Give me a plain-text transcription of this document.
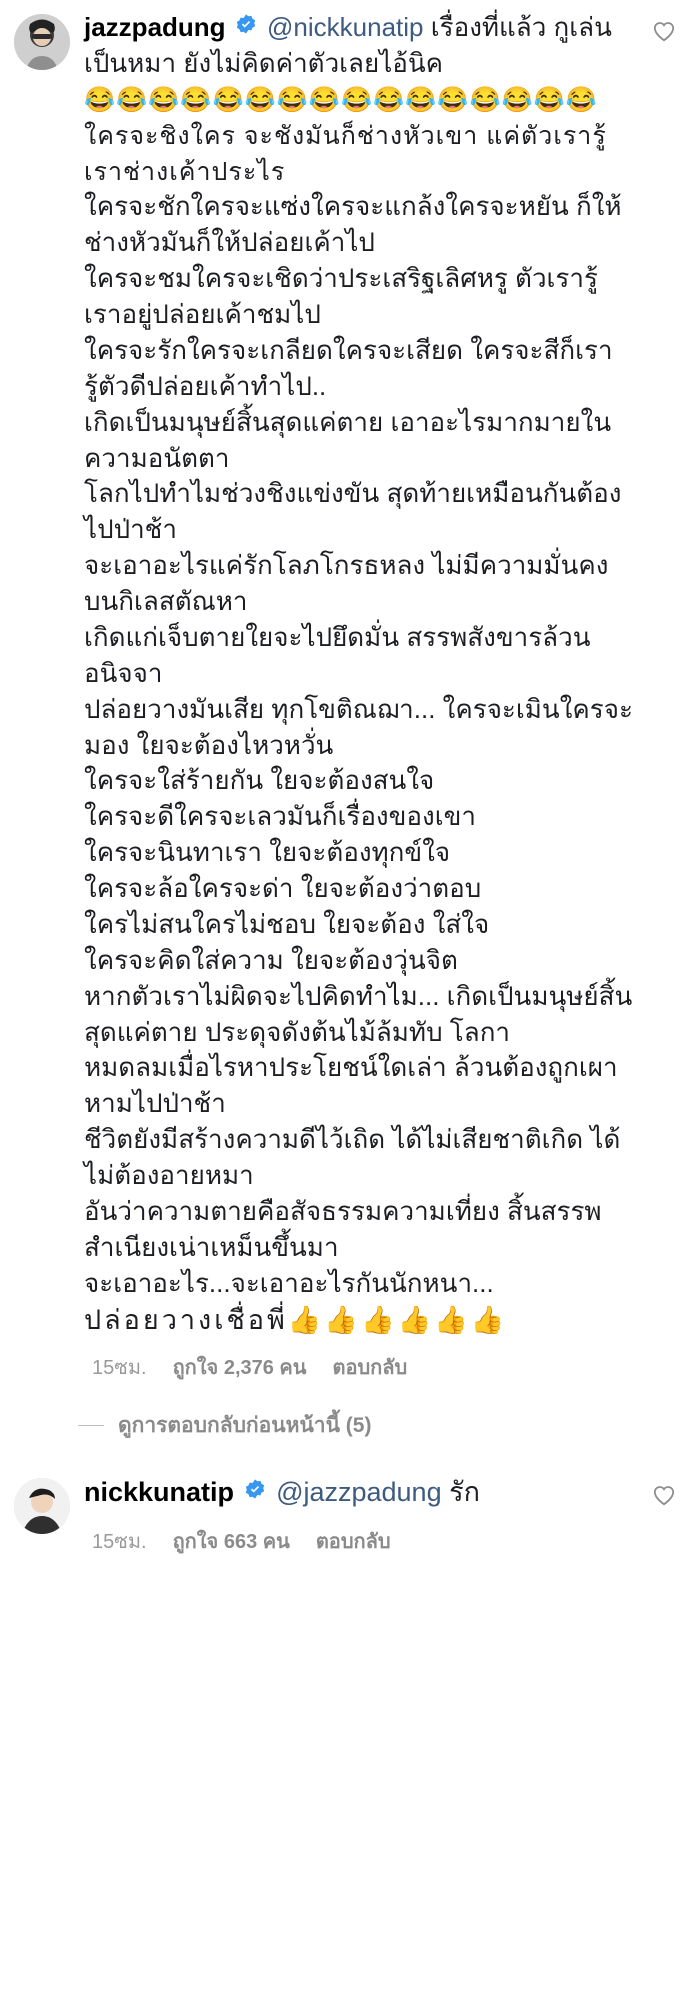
jazzpadung @nickkunatip เรื่องที่แล้ว กูเล่นเป็นหมา ยังไม่คิดค่าตัวเลยไอ้นิค
😂😂😂😂😂😂😂😂😂😂😂😂😂😂😂😂 ใครจะชิงใคร จะชังมันก็ช่างหัวเขา แค่ตัวเรารู้เราช่างเค้าประไร
ใครจะชักใครจะแซ่งใครจะแกล้งใครจะหยัน ก็ให้ช่างหัวมันก็ให้ปล่อยเค้าไป
ใครจะชมใครจะเชิดว่าประเสริฐเลิศหรู ตัวเรารู้เราอยู่ปล่อยเค้าชมไป
ใครจะรักใครจะเกลียดใครจะเสียด ใครจะสีก็เรารู้ตัวดีปล่อยเค้าทำไป..
เกิดเป็นมนุษย์สิ้นสุดแค่ตาย เอาอะไรมากมายในความอนัตตา
โลกไปทำไมช่วงชิงแข่งขัน สุดท้ายเหมือนกันต้องไปป่าช้า
จะเอาอะไรแค่รักโลภโกรธหลง ไม่มีความมั่นคงบนกิเลสตัณหา
เกิดแก่เจ็บตายใยจะไปยึดมั่น สรรพสังขารล้วนอนิจจา
ปล่อยวางมันเสีย ทุกโขติณฌา... ใครจะเมินใครจะมอง ใยจะต้องไหวหวั่น
ใครจะใส่ร้ายกัน ใยจะต้องสนใจ
ใครจะดีใครจะเลวมันก็เรื่องของเขา
ใครจะนินทาเรา ใยจะต้องทุกข์ใจ
ใครจะล้อใครจะด่า ใยจะต้องว่าตอบ
ใครไม่สนใครไม่ชอบ ใยจะต้อง ใส่ใจ
ใครจะคิดใส่ความ ใยจะต้องวุ่นจิต
หากตัวเราไม่ผิดจะไปคิดทำไม... เกิดเป็นมนุษย์สิ้นสุดแค่ตาย ประดุจดังต้นไม้ล้มทับ โลกา
หมดลมเมื่อไรหาประโยชน์ใดเล่า ล้วนต้องถูกเผาหามไปป่าช้า
ชีวิตยังมีสร้างความดีไว้เถิด ได้ไม่เสียชาติเกิด ได้ไม่ต้องอายหมา
อันว่าความตายคือสัจธรรมความเที่ยง สิ้นสรรพสำเนียงเน่าเหม็นขึ้นมา
จะเอาอะไร...จะเอาอะไรกันนักหนา...
ปล่อยวางเชื่อพี่👍👍👍👍👍👍
15ซม. ถูกใจ 2,376 คน ตอบกลับ
ดูการตอบกลับก่อนหน้านี้ (5)
nickkunatip @jazzpadung รัก
15ซม. ถูกใจ 663 คน ตอบกลับ
